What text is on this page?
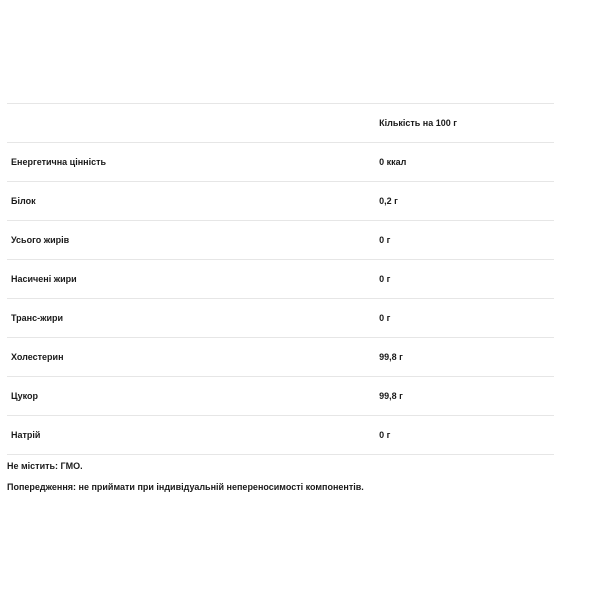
	Кількість на 100 г
Енергетична цінність	0 ккал
Білок	0,2 г
Усього жирів	0 г
Насичені жири	0 г
Транс-жири	0 г
Холестерин	99,8 г
Цукор	99,8 г
Натрій	0 г

Не містить: ГМО.

Попередження: не приймати при індивідуальній непереносимості компонентів.
